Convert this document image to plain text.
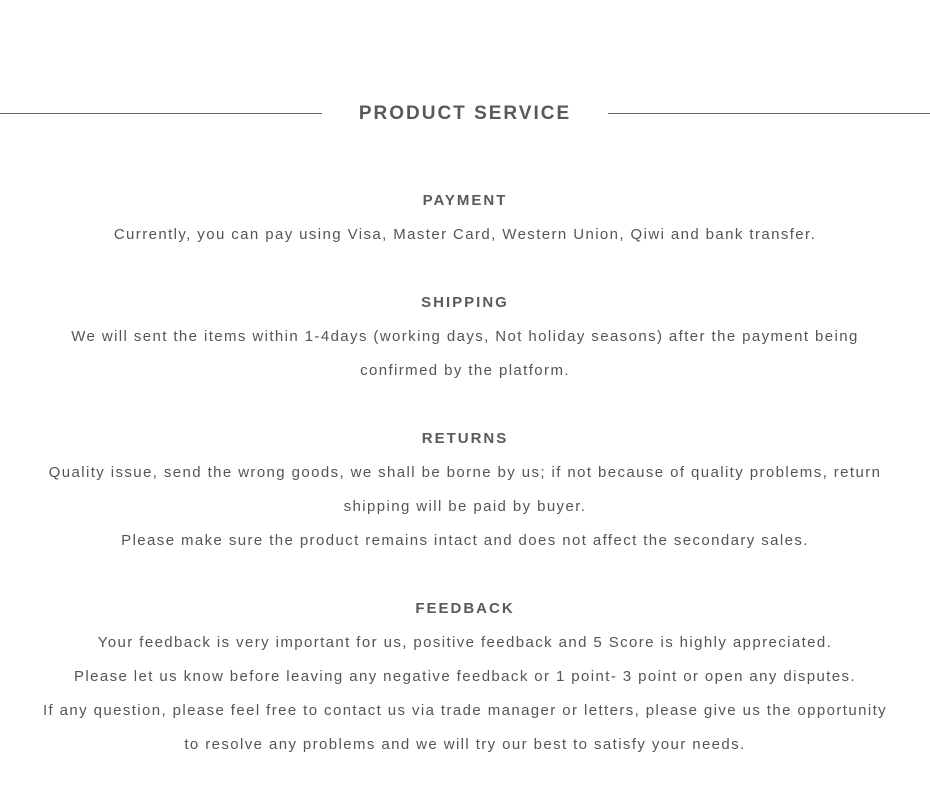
PRODUCT SERVICE
PAYMENT

Currently, you can pay using Visa, Master Card, Western Union, Qiwi and bank transfer.

SHIPPING

We will sent the items within 1-4days (working days, Not holiday seasons) after the payment being confirmed by the platform.

RETURNS

Quality issue, send the wrong goods, we shall be borne by us; if not because of quality problems, return shipping will be paid by buyer.

Please make sure the product remains intact and does not affect the secondary sales.

FEEDBACK

Your feedback is very important for us, positive feedback and 5 Score is highly appreciated.

Please let us know before leaving any negative feedback or 1 point- 3 point or open any disputes.

If any question, please feel free to contact us via trade manager or letters, please give us the opportunity to resolve any problems and we will try our best to satisfy your needs.
